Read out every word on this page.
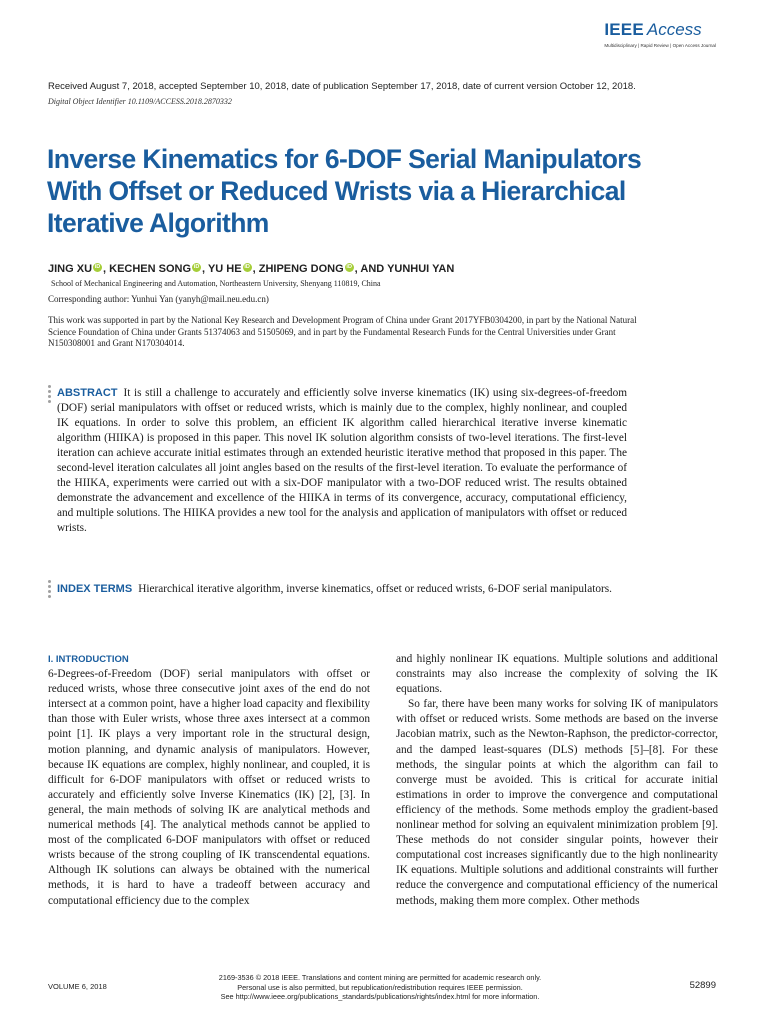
IEEE Access
Multidisciplinary | Rapid Review | Open Access Journal
Received August 7, 2018, accepted September 10, 2018, date of publication September 17, 2018, date of current version October 12, 2018.
Digital Object Identifier 10.1109/ACCESS.2018.2870332
Inverse Kinematics for 6-DOF Serial Manipulators With Offset or Reduced Wrists via a Hierarchical Iterative Algorithm
JING XU iD , KECHEN SONG iD , YU HE iD , ZHIPENG DONG iD , AND YUNHUI YAN
School of Mechanical Engineering and Automation, Northeastern University, Shenyang 110819, China
Corresponding author: Yunhui Yan (yanyh@mail.neu.edu.cn)
This work was supported in part by the National Key Research and Development Program of China under Grant 2017YFB0304200, in part by the National Natural Science Foundation of China under Grants 51374063 and 51505069, and in part by the Fundamental Research Funds for the Central Universities under Grant N150308001 and Grant N170304014.
ABSTRACT It is still a challenge to accurately and efficiently solve inverse kinematics (IK) using six-degrees-of-freedom (DOF) serial manipulators with offset or reduced wrists, which is mainly due to the complex, highly nonlinear, and coupled IK equations. In order to solve this problem, an efficient IK algorithm called hierarchical iterative inverse kinematic algorithm (HIIKA) is proposed in this paper. This novel IK solution algorithm consists of two-level iterations. The first-level iteration can achieve accurate initial estimates through an extended heuristic iterative method that proposed in this paper. The second-level iteration calculates all joint angles based on the results of the first-level iteration. To evaluate the performance of the HIIKA, experiments were carried out with a six-DOF manipulator with a two-DOF reduced wrist. The results obtained demonstrate the advancement and excellence of the HIIKA in terms of its convergence, accuracy, computational efficiency, and multiple solutions. The HIIKA provides a new tool for the analysis and application of manipulators with offset or reduced wrists.
INDEX TERMS Hierarchical iterative algorithm, inverse kinematics, offset or reduced wrists, 6-DOF serial manipulators.
I. INTRODUCTION

6-Degrees-of-Freedom (DOF) serial manipulators with offset or reduced wrists, whose three consecutive joint axes of the end do not intersect at a common point, have a higher load capacity and flexibility than those with Euler wrists, whose three axes intersect at a common point [1]. IK plays a very important role in the structural design, motion planning, and dynamic analysis of manipulators. However, because IK equations are complex, highly nonlinear, and coupled, it is difficult for 6-DOF manipulators with offset or reduced wrists to accurately and efficiently solve Inverse Kinematics (IK) [2], [3]. In general, the main methods of solving IK are analytical methods and numerical methods [4]. The analytical methods cannot be applied to most of the complicated 6-DOF manipulators with offset or reduced wrists because of the strong coupling of IK transcendental equations. Although IK solutions can always be obtained with the numerical methods, it is hard to have a tradeoff between accuracy and computational efficiency due to the complex

and highly nonlinear IK equations. Multiple solutions and additional constraints may also increase the complexity of solving the IK equations.

So far, there have been many works for solving IK of manipulators with offset or reduced wrists. Some methods are based on the inverse Jacobian matrix, such as the Newton-Raphson, the predictor-corrector, and the damped least-squares (DLS) methods [5]–[8]. For these methods, the singular points at which the algorithm can fail to converge must be avoided. This is critical for accurate initial estimations in order to improve the convergence and computational efficiency of the methods. Some methods employ the gradient-based nonlinear method for solving an equivalent minimization problem [9]. These methods do not consider singular points, however their computational cost increases significantly due to the high nonlinearity IK equations. Multiple solutions and additional constraints will further reduce the convergence and computational efficiency of the numerical methods, making them more complex. Other methods

VOLUME 6, 2018
2169-3536 © 2018 IEEE. Translations and content mining are permitted for academic research only.
Personal use is also permitted, but republication/redistribution requires IEEE permission.
See http://www.ieee.org/publications_standards/publications/rights/index.html for more information.
52899
